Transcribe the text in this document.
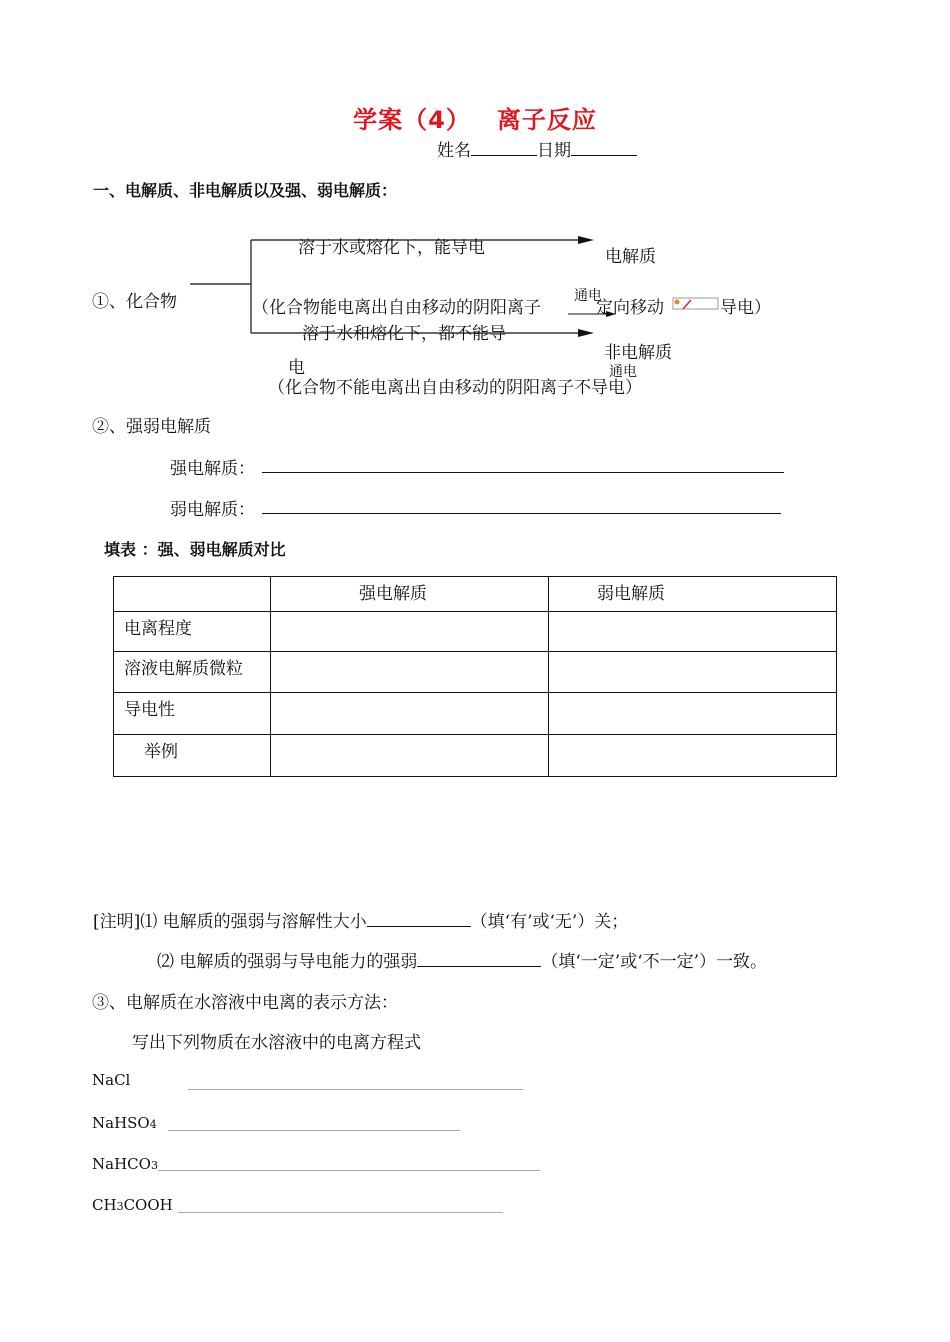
学案（4） 离子反应
姓名	日期
一、电解质、非电解质以及强、弱电解质：
①、化合物
溶于水或熔化下，能导电	电解质
（化合物能电离出自由移动的阴阳离子
通电
定向移动	导电）
溶于水和熔化下，都不能导
电
非电解质
通电
（化合物不能电离出自由移动的阴阳离子不导电）
②、强弱电解质
强电解质：
弱电解质：
填表 ：强、弱电解质对比
	强电解质	弱电解质
电离程度		
溶液电解质微粒		
导电性		
举例		
[注明]⑴ 电解质的强弱与溶解性大小	（填‘有’或‘无’）关；
⑵ 电解质的强弱与导电能力的强弱	（填‘一定’或‘不一定’）一致。
③、电解质在水溶液中电离的表示方法：
写出下列物质在水溶液中的电离方程式
NaCl
NaHSO4
NaHCO3
CH3COOH
